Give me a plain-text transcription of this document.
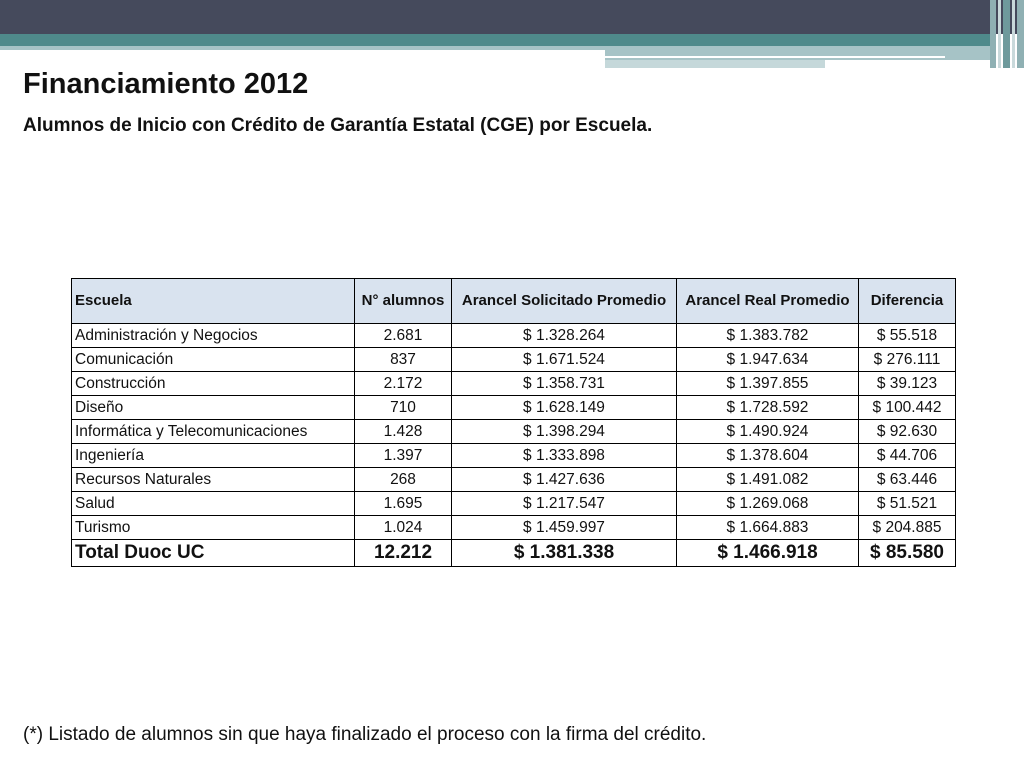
Financiamiento 2012
Alumnos de Inicio con Crédito de Garantía Estatal (CGE) por Escuela.
Escuela	N° alumnos	Arancel Solicitado Promedio	Arancel Real Promedio	Diferencia
Administración y Negocios	2.681	$ 1.328.264	$ 1.383.782	$ 55.518
Comunicación	837	$ 1.671.524	$ 1.947.634	$ 276.111
Construcción	2.172	$ 1.358.731	$ 1.397.855	$ 39.123
Diseño	710	$ 1.628.149	$ 1.728.592	$ 100.442
Informática y Telecomunicaciones	1.428	$ 1.398.294	$ 1.490.924	$ 92.630
Ingeniería	1.397	$ 1.333.898	$ 1.378.604	$ 44.706
Recursos Naturales	268	$ 1.427.636	$ 1.491.082	$ 63.446
Salud	1.695	$ 1.217.547	$ 1.269.068	$ 51.521
Turismo	1.024	$ 1.459.997	$ 1.664.883	$ 204.885
Total Duoc UC	12.212	$ 1.381.338	$ 1.466.918	$ 85.580
(*) Listado de alumnos sin que haya finalizado el proceso con la firma del crédito.
